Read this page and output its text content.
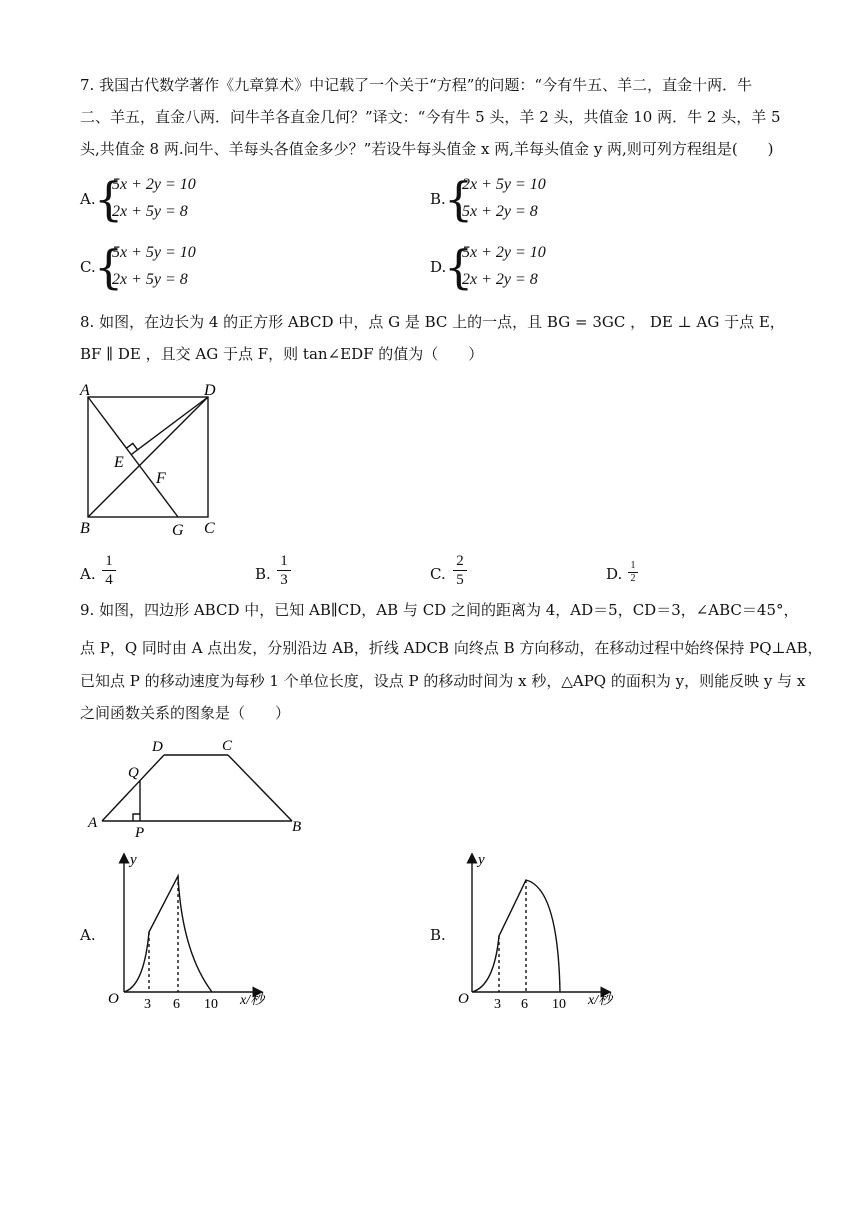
7. 我国古代数学著作《九章算术》中记载了一个关于“方程”的问题：“今有牛五、羊二，直金十两．牛
二、羊五，直金八两．问牛羊各直金几何？”译文：“今有牛 5 头，羊 2 头，共值金 10 两．牛 2 头，羊 5
头,共值金 8 两.问牛、羊每头各值金多少？”若设牛每头值金 x 两,羊每头值金 y 两,则可列方程组是(　　)
A.
{
5x + 2y = 10
2x + 5y = 8
B.
{
2x + 5y = 10
5x + 2y = 8
C.
{
5x + 5y = 10
2x + 5y = 8
D.
{
5x + 2y = 10
2x + 2y = 8
8. 如图，在边长为 4 的正方形 ABCD 中，点 G 是 BC 上的一点，且 BG = 3GC ， DE ⊥ AG 于点 E，
BF ∥ DE ，且交 AG 于点 F，则 tan∠EDF 的值为（　　）
A	D
E
F
B	G C
A. $\frac{1}{4}$	B. $\frac{1}{3}$	C. $\frac{2}{5}$	D. $\frac{1}{2}$
9. 如图，四边形 ABCD 中，已知 AB∥CD，AB 与 CD 之间的距离为 4，AD＝5，CD＝3，∠ABC＝45°，
点 P，Q 同时由 A 点出发，分别沿边 AB，折线 ADCB 向终点 B 方向移动，在移动过程中始终保持 PQ⊥AB，
已知点 P 的移动速度为每秒 1 个单位长度，设点 P 的移动时间为 x 秒，△APQ 的面积为 y，则能反映 y 与 x
之间函数关系的图象是（　　）
D	C
Q
A
P	B
A.
y
O 3 6 10 x/秒
B.
y
O 3 6 10 x/秒
